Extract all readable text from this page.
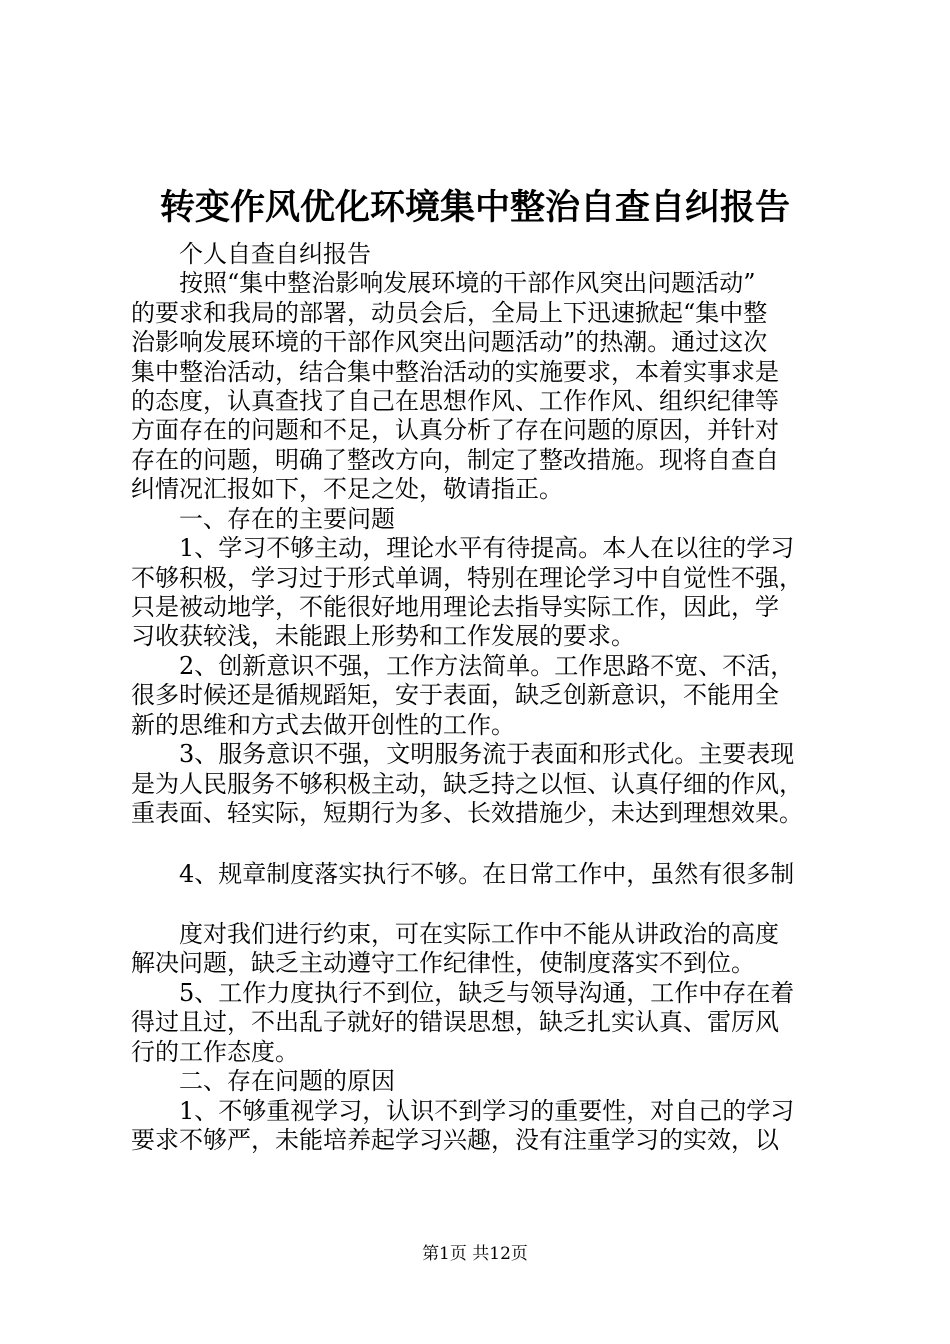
转变作风优化环境集中整治自查自纠报告
个人自查自纠报告
按照“集中整治影响发展环境的干部作风突出问题活动”
的要求和我局的部署，动员会后，全局上下迅速掀起“集中整
治影响发展环境的干部作风突出问题活动”的热潮。通过这次
集中整治活动，结合集中整治活动的实施要求，本着实事求是
的态度，认真查找了自己在思想作风、工作作风、组织纪律等
方面存在的问题和不足，认真分析了存在问题的原因，并针对
存在的问题，明确了整改方向，制定了整改措施。现将自查自
纠情况汇报如下，不足之处，敬请指正。
一、存在的主要问题
1、学习不够主动，理论水平有待提高。本人在以往的学习
不够积极，学习过于形式单调，特别在理论学习中自觉性不强，
只是被动地学，不能很好地用理论去指导实际工作，因此，学
习收获较浅，未能跟上形势和工作发展的要求。
2、创新意识不强，工作方法简单。工作思路不宽、不活，
很多时候还是循规蹈矩，安于表面，缺乏创新意识，不能用全
新的思维和方式去做开创性的工作。
3、服务意识不强，文明服务流于表面和形式化。主要表现
是为人民服务不够积极主动，缺乏持之以恒、认真仔细的作风，
重表面、轻实际，短期行为多、长效措施少，未达到理想效果。
4、规章制度落实执行不够。在日常工作中，虽然有很多制
度对我们进行约束，可在实际工作中不能从讲政治的高度
解决问题，缺乏主动遵守工作纪律性，使制度落实不到位。
5、工作力度执行不到位，缺乏与领导沟通，工作中存在着
得过且过，不出乱子就好的错误思想，缺乏扎实认真、雷厉风
行的工作态度。
二、存在问题的原因
1、不够重视学习，认识不到学习的重要性，对自己的学习
要求不够严，未能培养起学习兴趣，没有注重学习的实效，以
第1页 共12页
